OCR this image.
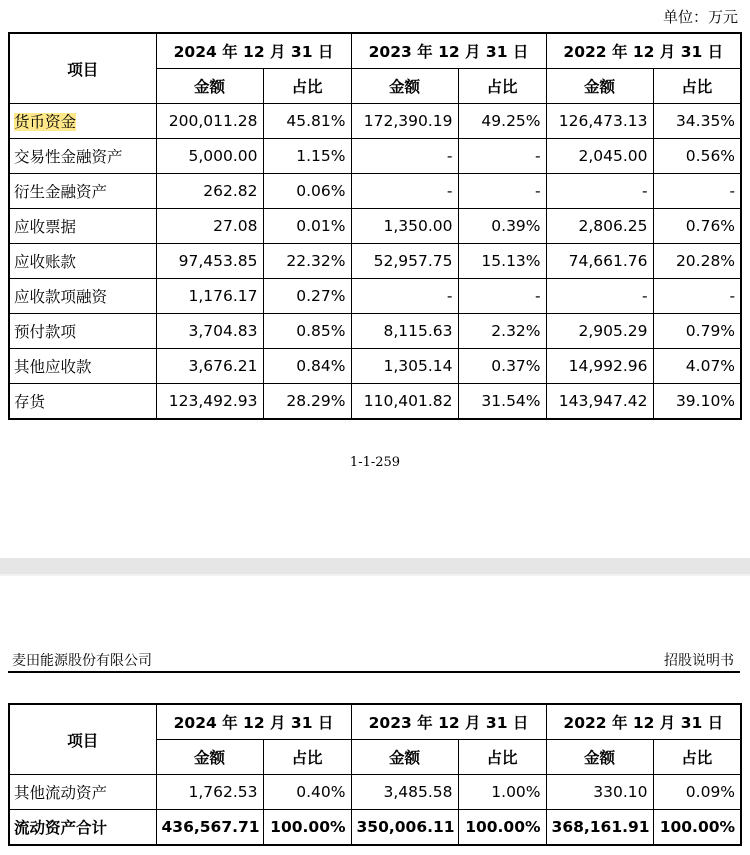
单位：万元
项目	2024 年 12 月 31 日		2023 年 12 月 31 日		2022 年 12 月 31 日	
	金额	占比	金额	占比	金额	占比
货币资金	200,011.28	45.81%	172,390.19	49.25%	126,473.13	34.35%
交易性金融资产	5,000.00	1.15%	-	-	2,045.00	0.56%
衍生金融资产	262.82	0.06%	-	-	-	-
应收票据	27.08	0.01%	1,350.00	0.39%	2,806.25	0.76%
应收账款	97,453.85	22.32%	52,957.75	15.13%	74,661.76	20.28%
应收款项融资	1,176.17	0.27%	-	-	-	-
预付款项	3,704.83	0.85%	8,115.63	2.32%	2,905.29	0.79%
其他应收款	3,676.21	0.84%	1,305.14	0.37%	14,992.96	4.07%
存货	123,492.93	28.29%	110,401.82	31.54%	143,947.42	39.10%
1-1-259
麦田能源股份有限公司	招股说明书
项目	2024 年 12 月 31 日		2023 年 12 月 31 日		2022 年 12 月 31 日	
	金额	占比	金额	占比	金额	占比
其他流动资产	1,762.53	0.40%	3,485.58	1.00%	330.10	0.09%
流动资产合计	436,567.71	100.00%	350,006.11	100.00%	368,161.91	100.00%
